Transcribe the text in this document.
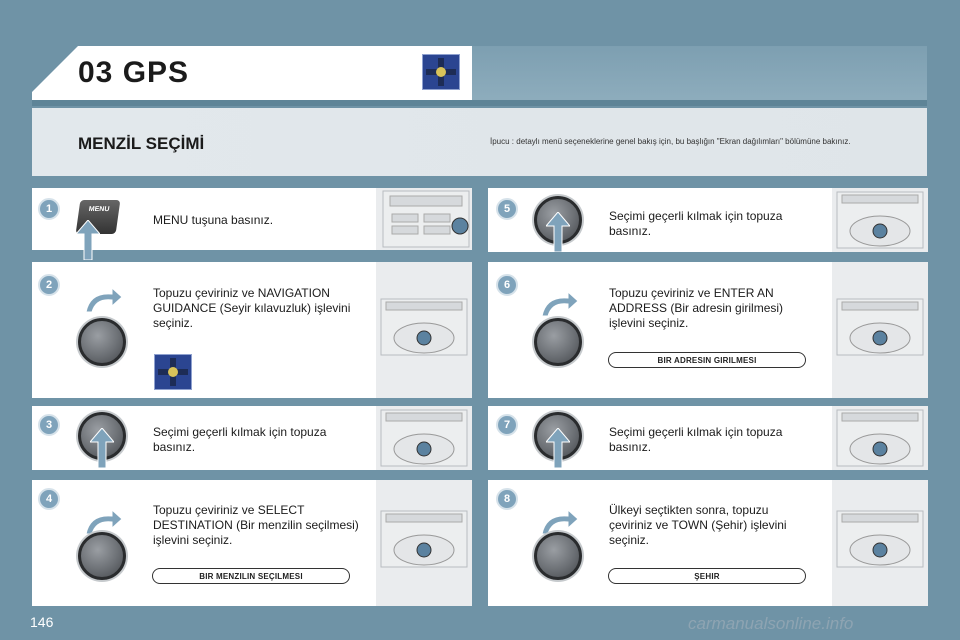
03 GPS
MENZİL SEÇİMİ	İpucu : detaylı menü seçeneklerine genel bakış için, bu başlığın "Ekran dağılımları" bölümüne bakınız.
1	MENU
MENU tuşuna basınız.
2
Topuzu çeviriniz ve NAVIGATION GUIDANCE (Seyir kılavuzluk) işlevini seçiniz.
3	Seçimi geçerli kılmak için topuza basınız.
4
Topuzu çeviriniz ve SELECT DESTINATION (Bir menzilin seçilmesi) işlevini seçiniz.
BIR MENZILIN SEÇILMESI
5	Seçimi geçerli kılmak için topuza basınız.
6
Topuzu çeviriniz ve ENTER AN ADDRESS (Bir adresin girilmesi) işlevini seçiniz.
BIR ADRESIN GIRILMESI
7	Seçimi geçerli kılmak için topuza basınız.
8
Ülkeyi seçtikten sonra, topuzu çeviriniz ve TOWN (Şehir) işlevini seçiniz.
ŞEHIR
146	carmanualsonline.info
